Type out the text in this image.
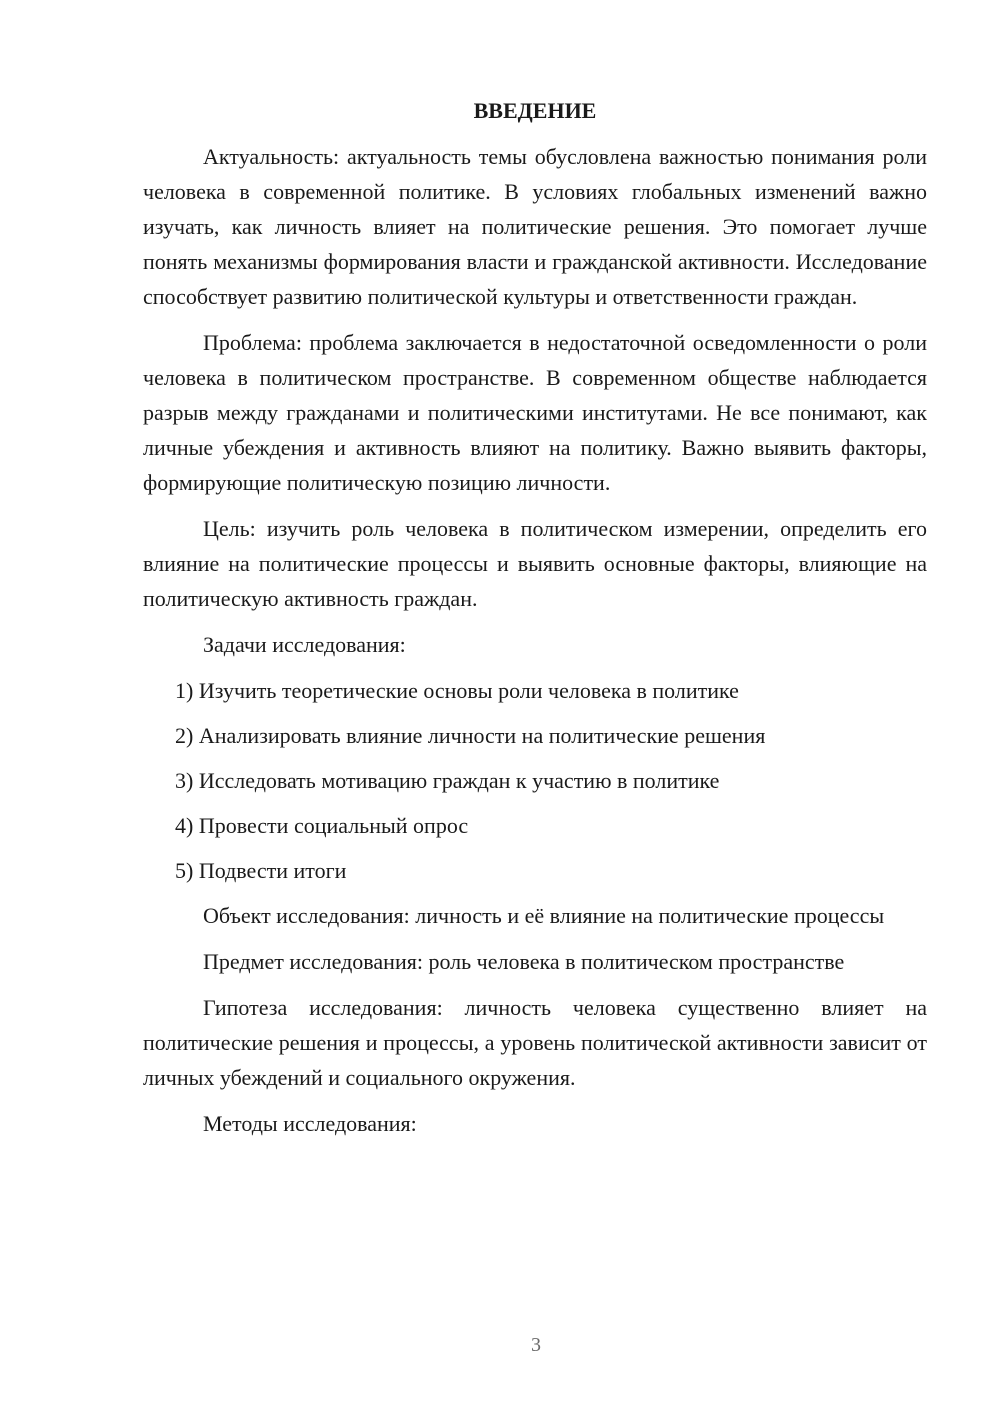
ВВЕДЕНИЕ

Актуальность: актуальность темы обусловлена важностью понимания роли человека в современной политике. В условиях глобальных изменений важно изучать, как личность влияет на политические решения. Это помогает лучше понять механизмы формирования власти и гражданской активности. Исследование способствует развитию политической культуры и ответственности граждан.

Проблема: проблема заключается в недостаточной осведомленности о роли человека в политическом пространстве. В современном обществе наблюдается разрыв между гражданами и политическими институтами. Не все понимают, как личные убеждения и активность влияют на политику. Важно выявить факторы, формирующие политическую позицию личности.

Цель: изучить роль человека в политическом измерении, определить его влияние на политические процессы и выявить основные факторы, влияющие на политическую активность граждан.

Задачи исследования:

1) Изучить теоретические основы роли человека в политике
2) Анализировать влияние личности на политические решения
3) Исследовать мотивацию граждан к участию в политике
4) Провести социальный опрос
5) Подвести итоги

Объект исследования: личность и её влияние на политические процессы

Предмет исследования: роль человека в политическом пространстве

Гипотеза исследования: личность человека существенно влияет на политические решения и процессы, а уровень политической активности зависит от личных убеждений и социального окружения.

Методы исследования:

3
